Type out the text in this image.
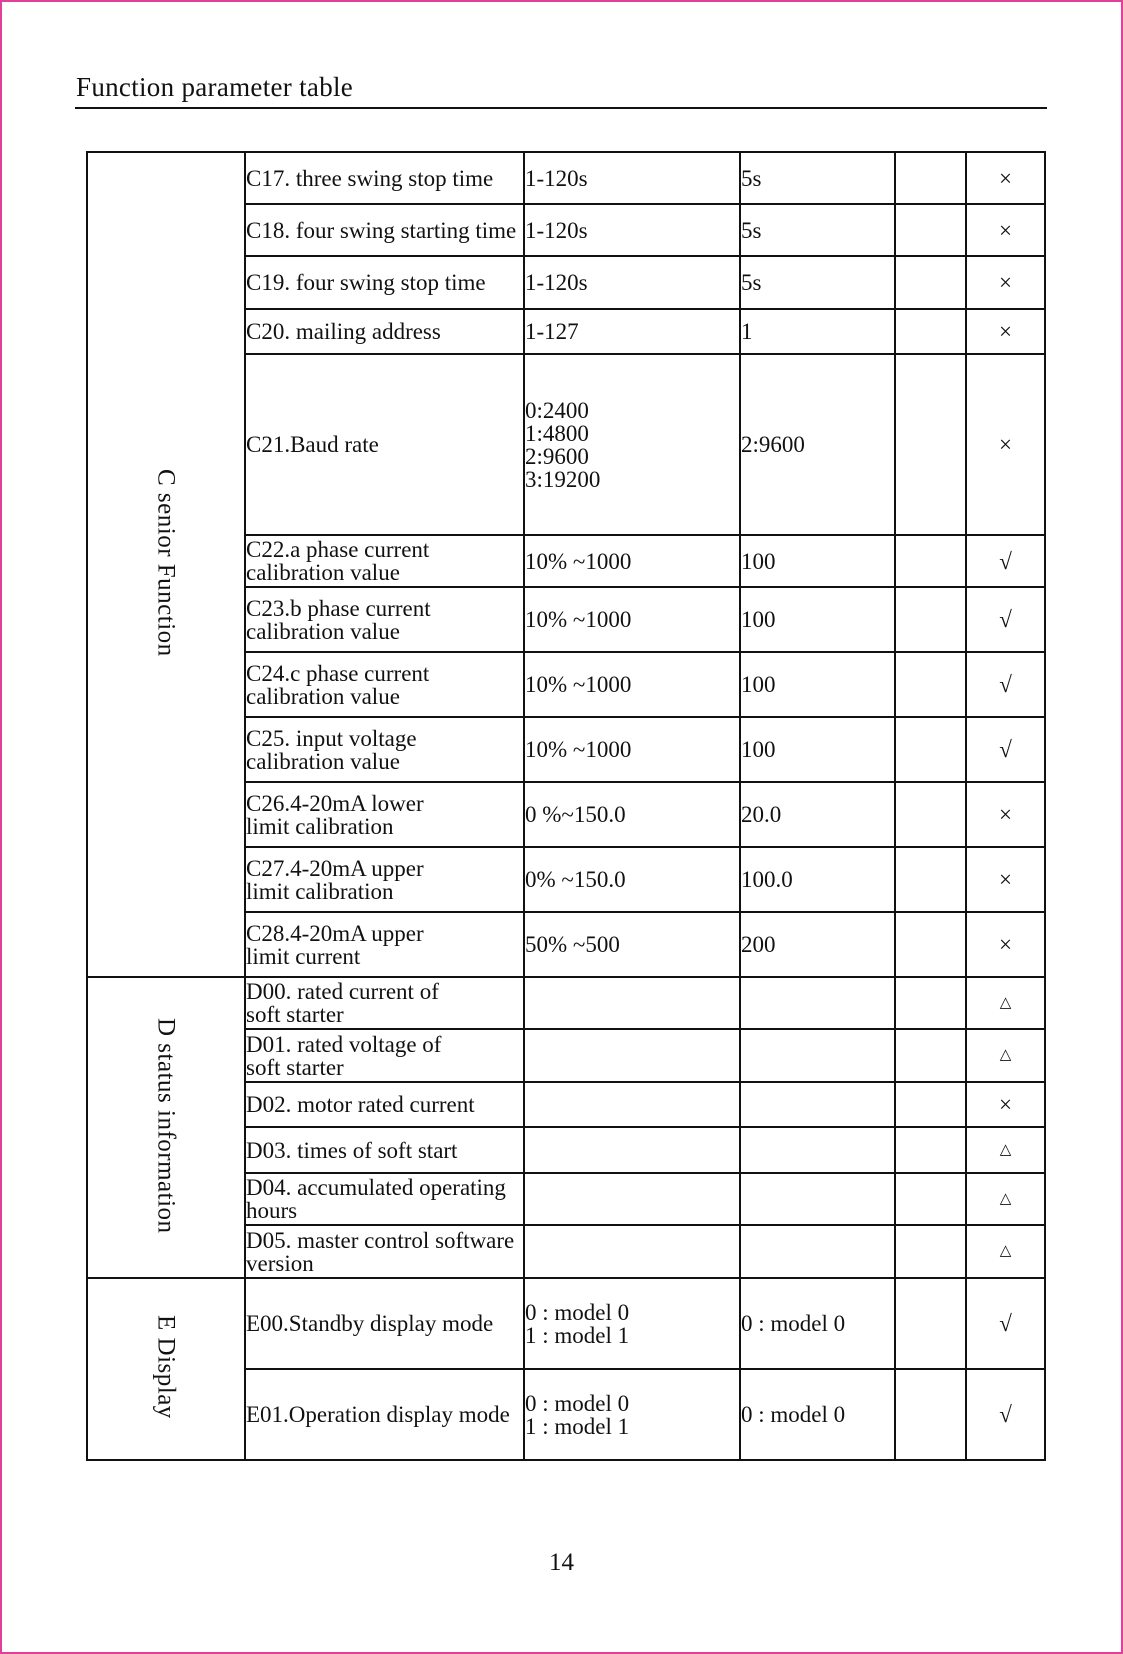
Function parameter table
C senior Function	C17. three swing stop time	1-120s	5s		×
	C18. four swing starting time	1-120s	5s		×
	C19. four swing stop time	1-120s	5s		×
	C20. mailing address	1-127	1		×
	C21.Baud rate	0:2400
1:4800
2:9600
3:19200	2:9600		×
	C22.a phase current
calibration value	10% ~1000	100		√
	C23.b phase current
calibration value	10% ~1000	100		√
	C24.c phase current
calibration value	10% ~1000	100		√
	C25. input voltage
calibration value	10% ~1000	100		√
	C26.4-20mA lower
limit calibration	0 %~150.0	20.0		×
	C27.4-20mA upper
limit calibration	0% ~150.0	100.0		×
	C28.4-20mA upper
limit current	50% ~500	200		×
D status information	D00. rated current of
soft starter				△
	D01. rated voltage of
soft starter				△
	D02. motor rated current				×
	D03. times of soft start				△
	D04. accumulated operating
hours				△
	D05. master control software
version				△
E Display	E00.Standby display mode	0 : model 0
1 : model 1	0 : model 0		√
	E01.Operation display mode	0 : model 0
1 : model 1	0 : model 0		√
14
